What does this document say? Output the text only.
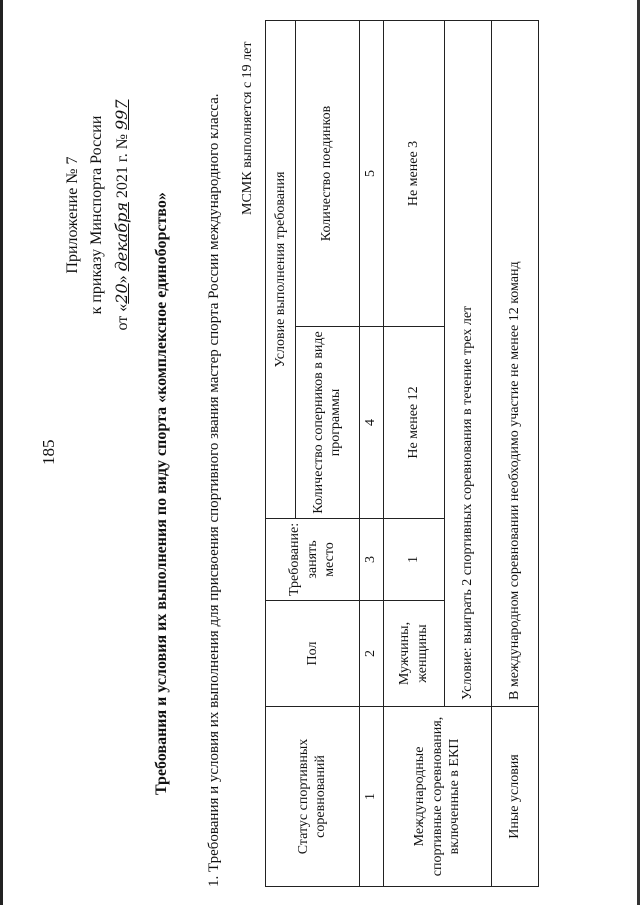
185
Приложение № 7 к приказу Минспорта России
от «20» декабря 2021 г. № 997
Требования и условия их выполнения по виду спорта «комплексное единоборство» 1. Требования и условия их выполнения для присвоения спортивного звания мастер спорта России международного класса. МСМК выполняется с 19 лет
Статус спортивных соревнований	Пол	Требование: занять место	Условие выполнения требования	
			Количество соперников в виде программы	Количество поединков
1	2	3	4	5
Международные спортивные соревнования, включенные в ЕКП	Мужчины, женщины	1	Не менее 12	Не менее 3
	Условие: выиграть 2 спортивных соревнования в течение трех лет			
Иные условия	В международном соревновании необходимо участие не менее 12 команд			
